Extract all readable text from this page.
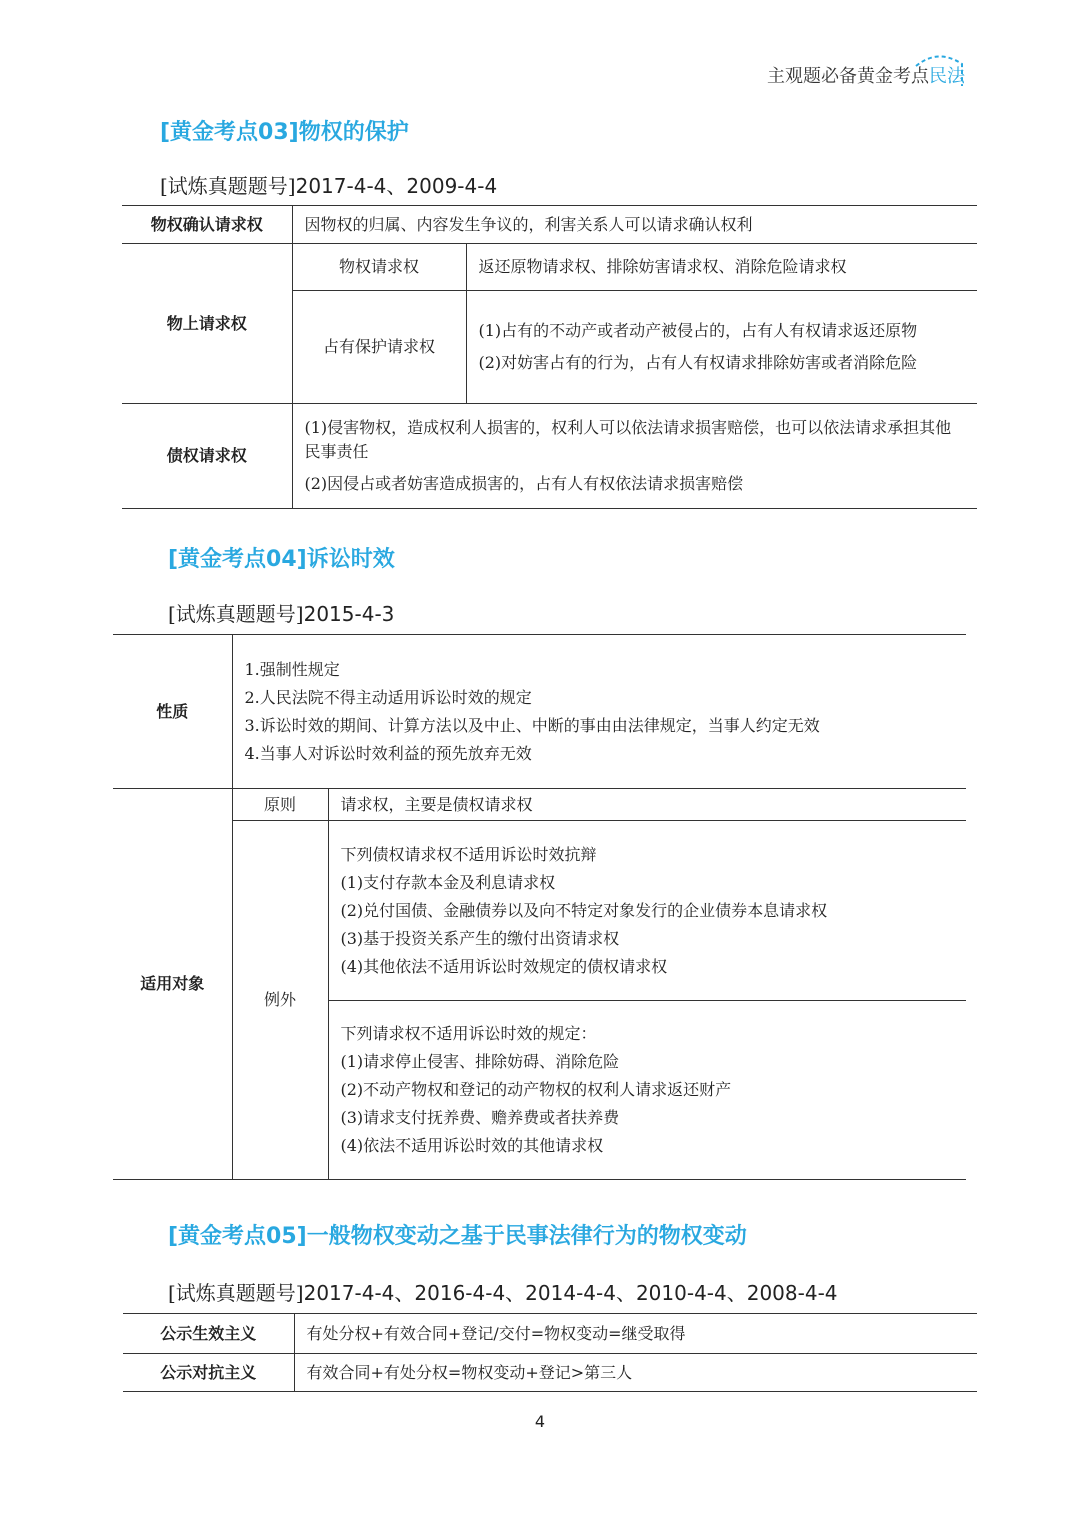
主观题必备黄金考点民法
[黄金考点03]物权的保护
[试炼真题题号]2017-4-4、2009-4-4
物权确认请求权	因物权的归属、内容发生争议的，利害关系人可以请求确认权利	
物上请求权	物权请求权	返还原物请求权、排除妨害请求权、消除危险请求权
	占有保护请求权	(1)占有的不动产或者动产被侵占的，占有人有权请求返还原物
(2)对妨害占有的行为，占有人有权请求排除妨害或者消除危险

债权请求权	(1)侵害物权，造成权利人损害的，权利人可以依法请求损害赔偿，也可以依法请求承担其他民事责任
(2)因侵占或者妨害造成损害的，占有人有权依法请求损害赔偿	
[黄金考点04]诉讼时效
[试炼真题题号]2015-4-3
性质	1.强制性规定
2.人民法院不得主动适用诉讼时效的规定
3.诉讼时效的期间、计算方法以及中止、中断的事由由法律规定，当事人约定无效
4.当事人对诉讼时效利益的预先放弃无效	

适用对象	原则	请求权，主要是债权请求权
	例外	下列债权请求权不适用诉讼时效抗辩
(1)支付存款本金及利息请求权
(2)兑付国债、金融债券以及向不特定对象发行的企业债券本息请求权
(3)基于投资关系产生的缴付出资请求权
(4)其他依法不适用诉讼时效规定的债权请求权

		下列请求权不适用诉讼时效的规定：
(1)请求停止侵害、排除妨碍、消除危险
(2)不动产物权和登记的动产物权的权利人请求返还财产
(3)请求支付抚养费、赡养费或者扶养费
(4)依法不适用诉讼时效的其他请求权
[黄金考点05]一般物权变动之基于民事法律行为的物权变动
[试炼真题题号]2017-4-4、2016-4-4、2014-4-4、2010-4-4、2008-4-4
公示生效主义	有处分权+有效合同+登记/交付=物权变动=继受取得
公示对抗主义	有效合同+有处分权=物权变动+登记>第三人
4
